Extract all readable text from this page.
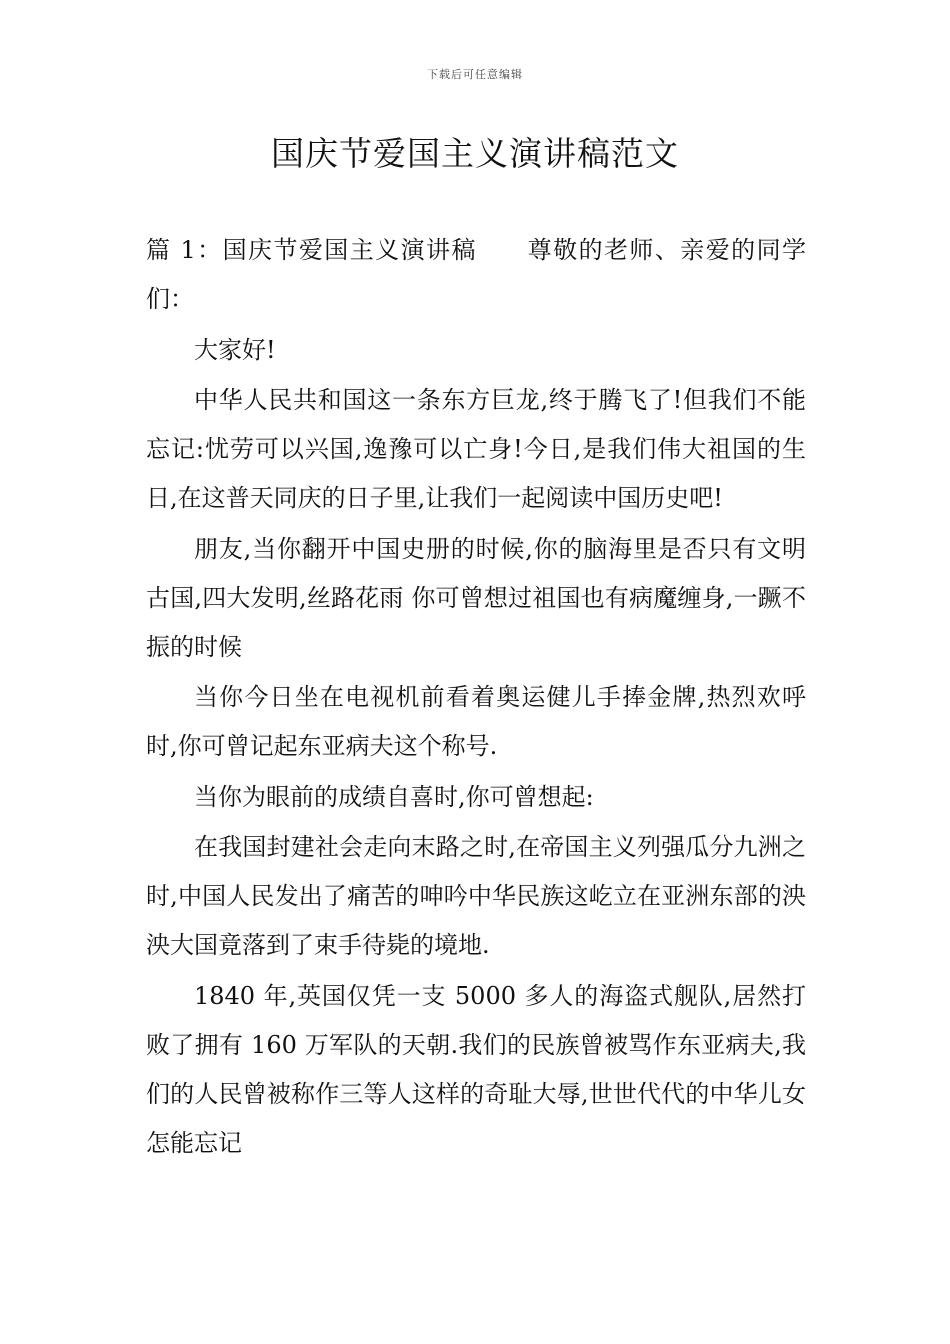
下载后可任意编辑
国庆节爱国主义演讲稿范文

篇 1：国庆节爱国主义演讲稿　　尊敬的老师、亲爱的同学们：

大家好!

中华人民共和国这一条东方巨龙,终于腾飞了!但我们不能忘记:忧劳可以兴国,逸豫可以亡身!今日,是我们伟大祖国的生日,在这普天同庆的日子里,让我们一起阅读中国历史吧!

朋友,当你翻开中国史册的时候,你的脑海里是否只有文明古国,四大发明,丝路花雨 你可曾想过祖国也有病魔缠身,一蹶不振的时候

当你今日坐在电视机前看着奥运健儿手捧金牌,热烈欢呼时,你可曾记起东亚病夫这个称号.

当你为眼前的成绩自喜时,你可曾想起:

在我国封建社会走向末路之时,在帝国主义列强瓜分九洲之时,中国人民发出了痛苦的呻吟中华民族这屹立在亚洲东部的泱泱大国竟落到了束手待毙的境地.

1840 年,英国仅凭一支 5000 多人的海盗式舰队,居然打败了拥有 160 万军队的天朝.我们的民族曾被骂作东亚病夫,我们的人民曾被称作三等人这样的奇耻大辱,世世代代的中华儿女怎能忘记
